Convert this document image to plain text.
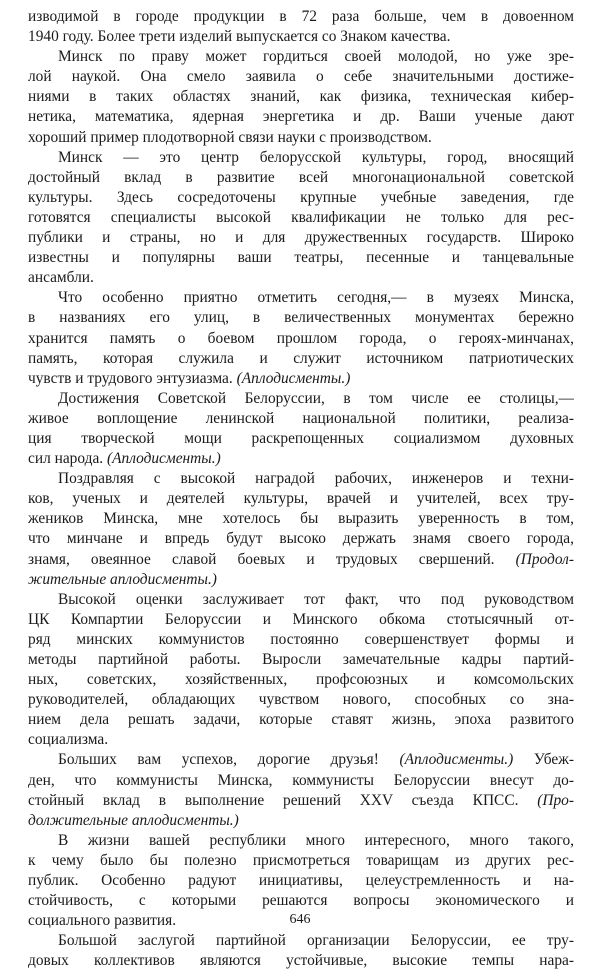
изводимой в городе продукции в 72 раза больше, чем в довоенном
1940 году. Более трети изделий выпускается со Знаком качества.
Минск по праву может гордиться своей молодой, но уже зре-
лой наукой. Она смело заявила о себе значительными достиже-
ниями в таких областях знаний, как физика, техническая кибер-
нетика, математика, ядерная энергетика и др. Ваши ученые дают
хороший пример плодотворной связи науки с производством.
Минск — это центр белорусской культуры, город, вносящий
достойный вклад в развитие всей многонациональной советской
культуры. Здесь сосредоточены крупные учебные заведения, где
готовятся специалисты высокой квалификации не только для рес-
публики и страны, но и для дружественных государств. Широко
известны и популярны ваши театры, песенные и танцевальные
ансамбли.
Что особенно приятно отметить сегодня,— в музеях Минска,
в названиях его улиц, в величественных монументах бережно
хранится память о боевом прошлом города, о героях-минчанах,
память, которая служила и служит источником патриотических
чувств и трудового энтузиазма. (Аплодисменты.)
Достижения Советской Белоруссии, в том числе ее столицы,—
живое воплощение ленинской национальной политики, реализа-
ция творческой мощи раскрепощенных социализмом духовных
сил народа. (Аплодисменты.)
Поздравляя с высокой наградой рабочих, инженеров и техни-
ков, ученых и деятелей культуры, врачей и учителей, всех тру-
жеников Минска, мне хотелось бы выразить уверенность в том,
что минчане и впредь будут высоко держать знамя своего города,
знамя, овеянное славой боевых и трудовых свершений. (Продол-
жительные аплодисменты.)
Высокой оценки заслуживает тот факт, что под руководством
ЦК Компартии Белоруссии и Минского обкома стотысячный от-
ряд минских коммунистов постоянно совершенствует формы и
методы партийной работы. Выросли замечательные кадры партий-
ных, советских, хозяйственных, профсоюзных и комсомольских
руководителей, обладающих чувством нового, способных со зна-
нием дела решать задачи, которые ставят жизнь, эпоха развитого
социализма.
Больших вам успехов, дорогие друзья! (Аплодисменты.) Убеж-
ден, что коммунисты Минска, коммунисты Белоруссии внесут до-
стойный вклад в выполнение решений XXV съезда КПСС. (Про-
должительные аплодисменты.)
В жизни вашей республики много интересного, много такого,
к чему было бы полезно присмотреться товарищам из других рес-
публик. Особенно радуют инициативы, целеустремленность и на-
стойчивость, с которыми решаются вопросы экономического и
социального развития.
Большой заслугой партийной организации Белоруссии, ее тру-
довых коллективов являются устойчивые, высокие темпы нара-
646
